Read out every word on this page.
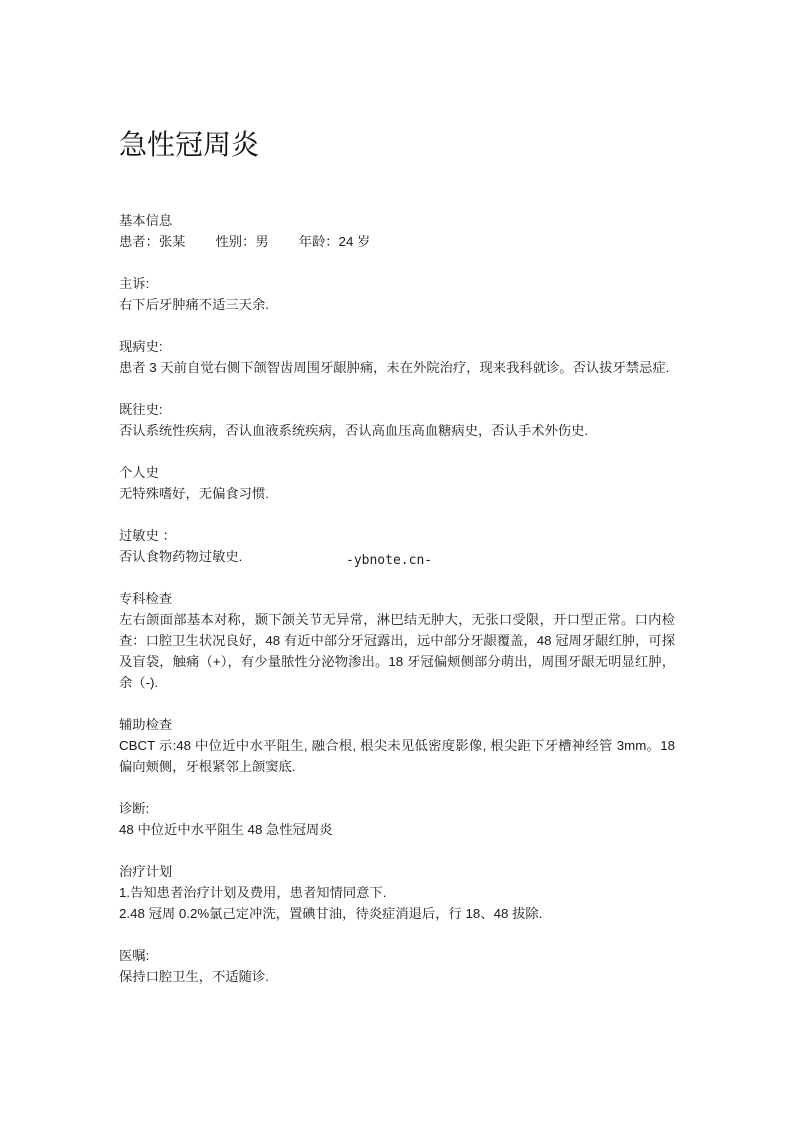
急性冠周炎

基本信息

患者：张某 性别：男 年龄：24 岁

主诉:

右下后牙肿痛不适三天余.

现病史:

患者 3 天前自觉右侧下颌智齿周围牙龈肿痛，未在外院治疗，现来我科就诊。否认拔牙禁忌症.

既往史:

否认系统性疾病，否认血液系统疾病，否认高血压高血糖病史，否认手术外伤史.

个人史

无特殊嗜好，无偏食习惯.

过敏史 ：

否认食物药物过敏史.

专科检查

左右颌面部基本对称，颞下颌关节无异常，淋巴结无肿大，无张口受限，开口型正常。口内检查：口腔卫生状况良好，48 有近中部分牙冠露出，远中部分牙龈覆盖，48 冠周牙龈红肿，可探及盲袋，触痛（+），有少量脓性分泌物渗出。18 牙冠偏颊侧部分萌出，周围牙龈无明显红肿，余（-).

辅助检查

CBCT 示:48 中位近中水平阻生, 融合根, 根尖未见低密度影像, 根尖距下牙槽神经管 3mm。18 偏向颊侧，牙根紧邻上颌窦底.

诊断:

48 中位近中水平阻生 48 急性冠周炎

治疗计划

1.告知患者治疗计划及费用，患者知情同意下.

2.48 冠周 0.2%氯己定冲洗，置碘甘油，待炎症消退后，行 18、48 拔除.

医嘱:

保持口腔卫生，不适随诊.

-ybnote.cn-
